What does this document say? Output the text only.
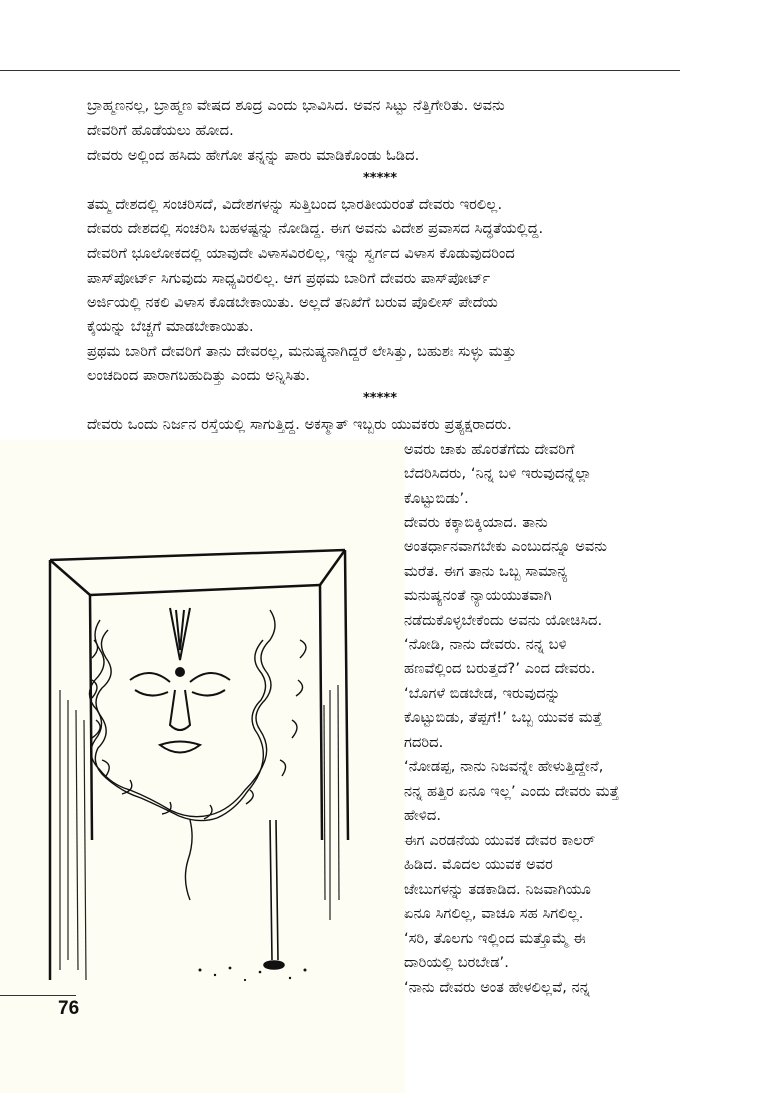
ಬ್ರಾಹ್ಮಣನಲ್ಲ, ಬ್ರಾಹ್ಮಣ ವೇಷದ ಶೂದ್ರ ಎಂದು ಭಾವಿಸಿದ. ಅವನ ಸಿಟ್ಟು ನೆತ್ತಿಗೇರಿತು. ಅವನು
ದೇವರಿಗೆ ಹೊಡೆಯಲು ಹೋದ.
ದೇವರು ಅಲ್ಲಿಂದ ಹಸಿದು ಹೇಗೋ ತನ್ನನ್ನು ಪಾರು ಮಾಡಿಕೊಂಡು ಓಡಿದ.
*****
ತಮ್ಮ ದೇಶದಲ್ಲಿ ಸಂಚರಿಸದೆ, ವಿದೇಶಗಳನ್ನು ಸುತ್ತಿಬಂದ ಭಾರತೀಯರಂತೆ ದೇವರು ಇರಲಿಲ್ಲ.
ದೇವರು ದೇಶದಲ್ಲಿ ಸಂಚರಿಸಿ ಬಹಳಷ್ಟನ್ನು ನೋಡಿದ್ದ. ಈಗ ಅವನು ವಿದೇಶ ಪ್ರವಾಸದ ಸಿದ್ಧತೆಯಲ್ಲಿದ್ದ.
ದೇವರಿಗೆ ಭೂಲೋಕದಲ್ಲಿ ಯಾವುದೇ ವಿಳಾಸವಿರಲಿಲ್ಲ, ಇನ್ನು ಸ್ವರ್ಗದ ವಿಳಾಸ ಕೊಡುವುದರಿಂದ
ಪಾಸ್‌ಪೋರ್ಟ್ ಸಿಗುವುದು ಸಾಧ್ಯವಿರಲಿಲ್ಲ. ಆಗ ಪ್ರಥಮ ಬಾರಿಗೆ ದೇವರು ಪಾಸ್‌ಪೋರ್ಟ್
ಅರ್ಜಿಯಲ್ಲಿ ನಕಲಿ ವಿಳಾಸ ಕೊಡಬೇಕಾಯಿತು. ಅಲ್ಲದೆ ತನಿಖೆಗೆ ಬರುವ ಪೊಲೀಸ್ ಪೇದೆಯ
ಕೈಯನ್ನು ಬೆಚ್ಚಗೆ ಮಾಡಬೇಕಾಯಿತು.
ಪ್ರಥಮ ಬಾರಿಗೆ ದೇವರಿಗೆ ತಾನು ದೇವರಲ್ಲ, ಮನುಷ್ಯನಾಗಿದ್ದರೆ ಲೇಸಿತ್ತು, ಬಹುಶಃ ಸುಳ್ಳು ಮತ್ತು
ಲಂಚದಿಂದ ಪಾರಾಗಬಹುದಿತ್ತು ಎಂದು ಅನ್ನಿಸಿತು.
*****
ದೇವರು ಒಂದು ನಿರ್ಜನ ರಸ್ತೆಯಲ್ಲಿ ಸಾಗುತ್ತಿದ್ದ. ಅಕಸ್ಮಾತ್ ಇಬ್ಬರು ಯುವಕರು ಪ್ರತ್ಯಕ್ಷರಾದರು.
ಅವರು ಚಾಕು ಹೊರತೆಗೆದು ದೇವರಿಗೆ
ಬೆದರಿಸಿದರು, ‘ನಿನ್ನ ಬಳಿ ಇರುವುದನ್ನೆಲ್ಲಾ
ಕೊಟ್ಟುಬಿಡು’.
ದೇವರು ಕಕ್ಕಾಬಿಕ್ಕಿಯಾದ. ತಾನು
ಅಂತರ್ಧಾನವಾಗಬೇಕು ಎಂಬುದನ್ನೂ ಅವನು
ಮರೆತ. ಈಗ ತಾನು ಒಬ್ಬ ಸಾಮಾನ್ಯ
ಮನುಷ್ಯನಂತೆ ನ್ಯಾಯಯುತವಾಗಿ
ನಡೆದುಕೊಳ್ಳಬೇಕೆಂದು ಅವನು ಯೋಚಿಸಿದ.
‘ನೋಡಿ, ನಾನು ದೇವರು. ನನ್ನ ಬಳಿ
ಹಣವೆಲ್ಲಿಂದ ಬರುತ್ತದೆ?’ ಎಂದ ದೇವರು.
‘ಬೊಗಳೆ ಬಿಡಬೇಡ, ಇರುವುದನ್ನು
ಕೊಟ್ಟುಬಿಡು, ತೆಪ್ಪಗೆ!’ ಒಬ್ಬ ಯುವಕ ಮತ್ತೆ
ಗದರಿದ.
‘ನೋಡಪ್ಪ, ನಾನು ನಿಜವನ್ನೇ ಹೇಳುತ್ತಿದ್ದೇನೆ,
ನನ್ನ ಹತ್ತಿರ ಏನೂ ಇಲ್ಲ’ ಎಂದು ದೇವರು ಮತ್ತೆ
ಹೇಳಿದ.
ಈಗ ಎರಡನೆಯ ಯುವಕ ದೇವರ ಕಾಲರ್
ಹಿಡಿದ. ಮೊದಲ ಯುವಕ ಅವರ
ಜೇಬುಗಳನ್ನು ತಡಕಾಡಿದ. ನಿಜವಾಗಿಯೂ
ಏನೂ ಸಿಗಲಿಲ್ಲ, ವಾಚೂ ಸಹ ಸಿಗಲಿಲ್ಲ.
‘ಸರಿ, ತೊಲಗು ಇಲ್ಲಿಂದ ಮತ್ತೊಮ್ಮೆ ಈ
ದಾರಿಯಲ್ಲಿ ಬರಬೇಡ’.
‘ನಾನು ದೇವರು ಅಂತ ಹೇಳಲಿಲ್ಲವೆ, ನನ್ನ
76
